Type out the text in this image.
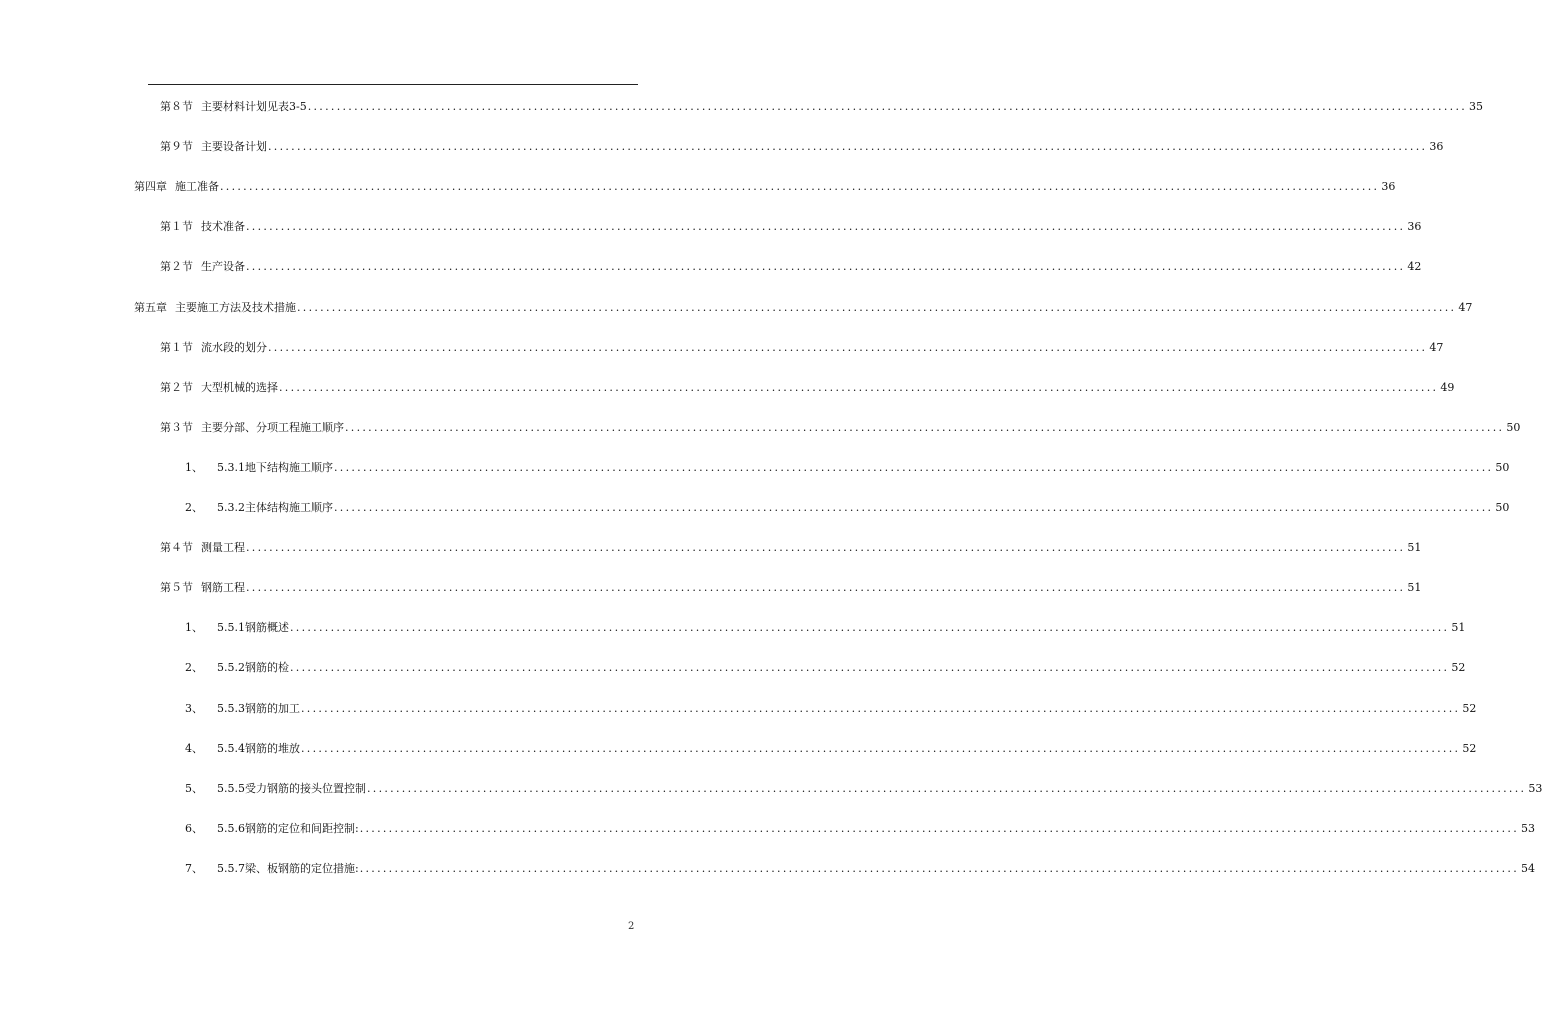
第８节 主要材料计划见表3-5 ........................................................................................................................................................................................................ 35
第９节 主要设备计划 ........................................................................................................................................................................................................ 36
第四章 施工准备 ........................................................................................................................................................................................................ 36
第１节 技术准备 ........................................................................................................................................................................................................ 36
第２节 生产设备 ........................................................................................................................................................................................................ 42
第五章 主要施工方法及技术措施 ........................................................................................................................................................................................................ 47
第１节 流水段的划分 ........................................................................................................................................................................................................ 47
第２节 大型机械的选择 ........................................................................................................................................................................................................ 49
第３节 主要分部、分项工程施工顺序 ........................................................................................................................................................................................................ 50
1、 5.3.1地下结构施工顺序 ........................................................................................................................................................................................................ 50
2、 5.3.2主体结构施工顺序 ........................................................................................................................................................................................................ 50
第４节 测量工程 ........................................................................................................................................................................................................ 51
第５节 钢筋工程 ........................................................................................................................................................................................................ 51
1、 5.5.1钢筋概述 ........................................................................................................................................................................................................ 51
2、 5.5.2钢筋的检 ........................................................................................................................................................................................................ 52
3、 5.5.3钢筋的加工 ........................................................................................................................................................................................................ 52
4、 5.5.4钢筋的堆放 ........................................................................................................................................................................................................ 52
5、 5.5.5受力钢筋的接头位置控制 ........................................................................................................................................................................................................ 53
6、 5.5.6钢筋的定位和间距控制: ........................................................................................................................................................................................................ 53
7、 5.5.7梁、板钢筋的定位措施: ........................................................................................................................................................................................................ 54
2
